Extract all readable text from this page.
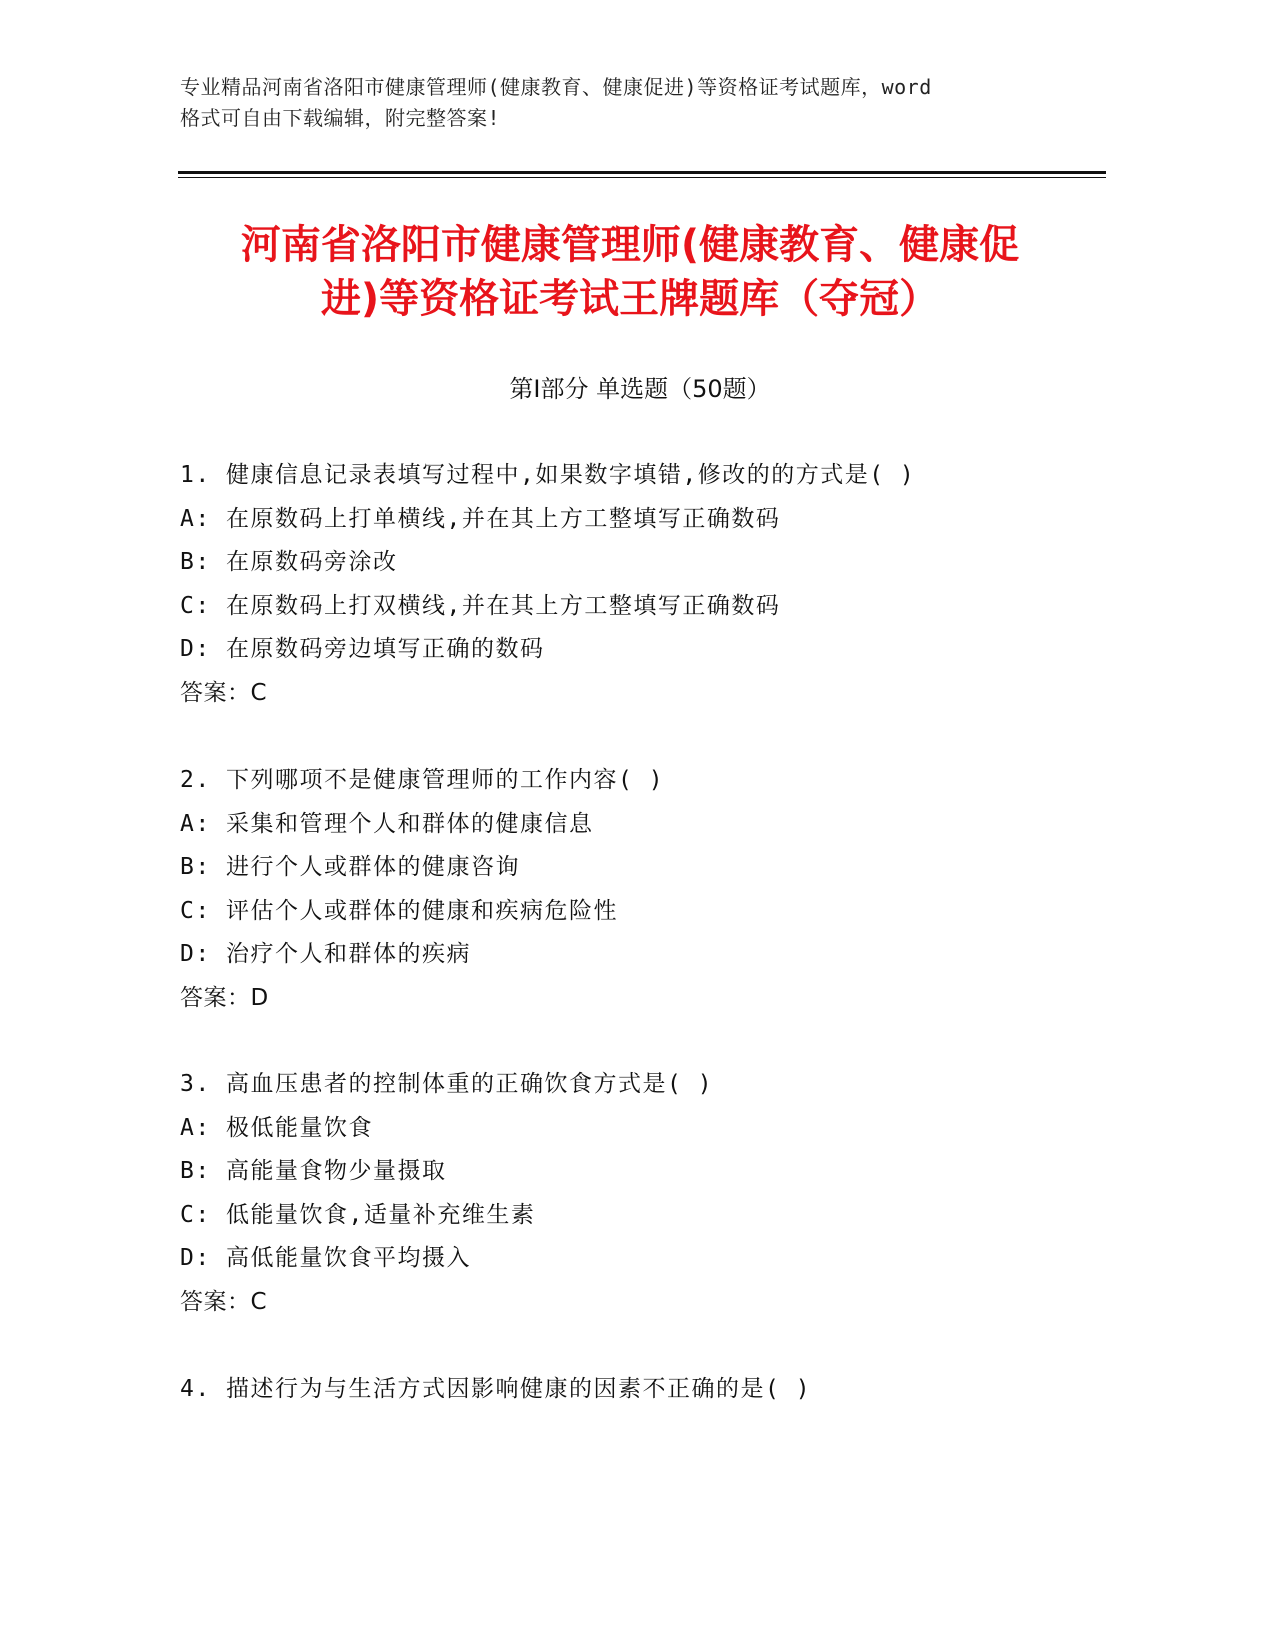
专业精品河南省洛阳市健康管理师(健康教育、健康促进)等资格证考试题库，word
格式可自由下载编辑，附完整答案!
河南省洛阳市健康管理师(健康教育、健康促
进)等资格证考试王牌题库（夺冠）
第Ⅰ部分 单选题（50题）
1. 健康信息记录表填写过程中,如果数字填错,修改的的方式是( )
A: 在原数码上打单横线,并在其上方工整填写正确数码
B: 在原数码旁涂改
C: 在原数码上打双横线,并在其上方工整填写正确数码
D: 在原数码旁边填写正确的数码
答案：C
2. 下列哪项不是健康管理师的工作内容( )
A: 采集和管理个人和群体的健康信息
B: 进行个人或群体的健康咨询
C: 评估个人或群体的健康和疾病危险性
D: 治疗个人和群体的疾病
答案：D
3. 高血压患者的控制体重的正确饮食方式是( )
A: 极低能量饮食
B: 高能量食物少量摄取
C: 低能量饮食,适量补充维生素
D: 高低能量饮食平均摄入
答案：C
4. 描述行为与生活方式因影响健康的因素不正确的是( )
